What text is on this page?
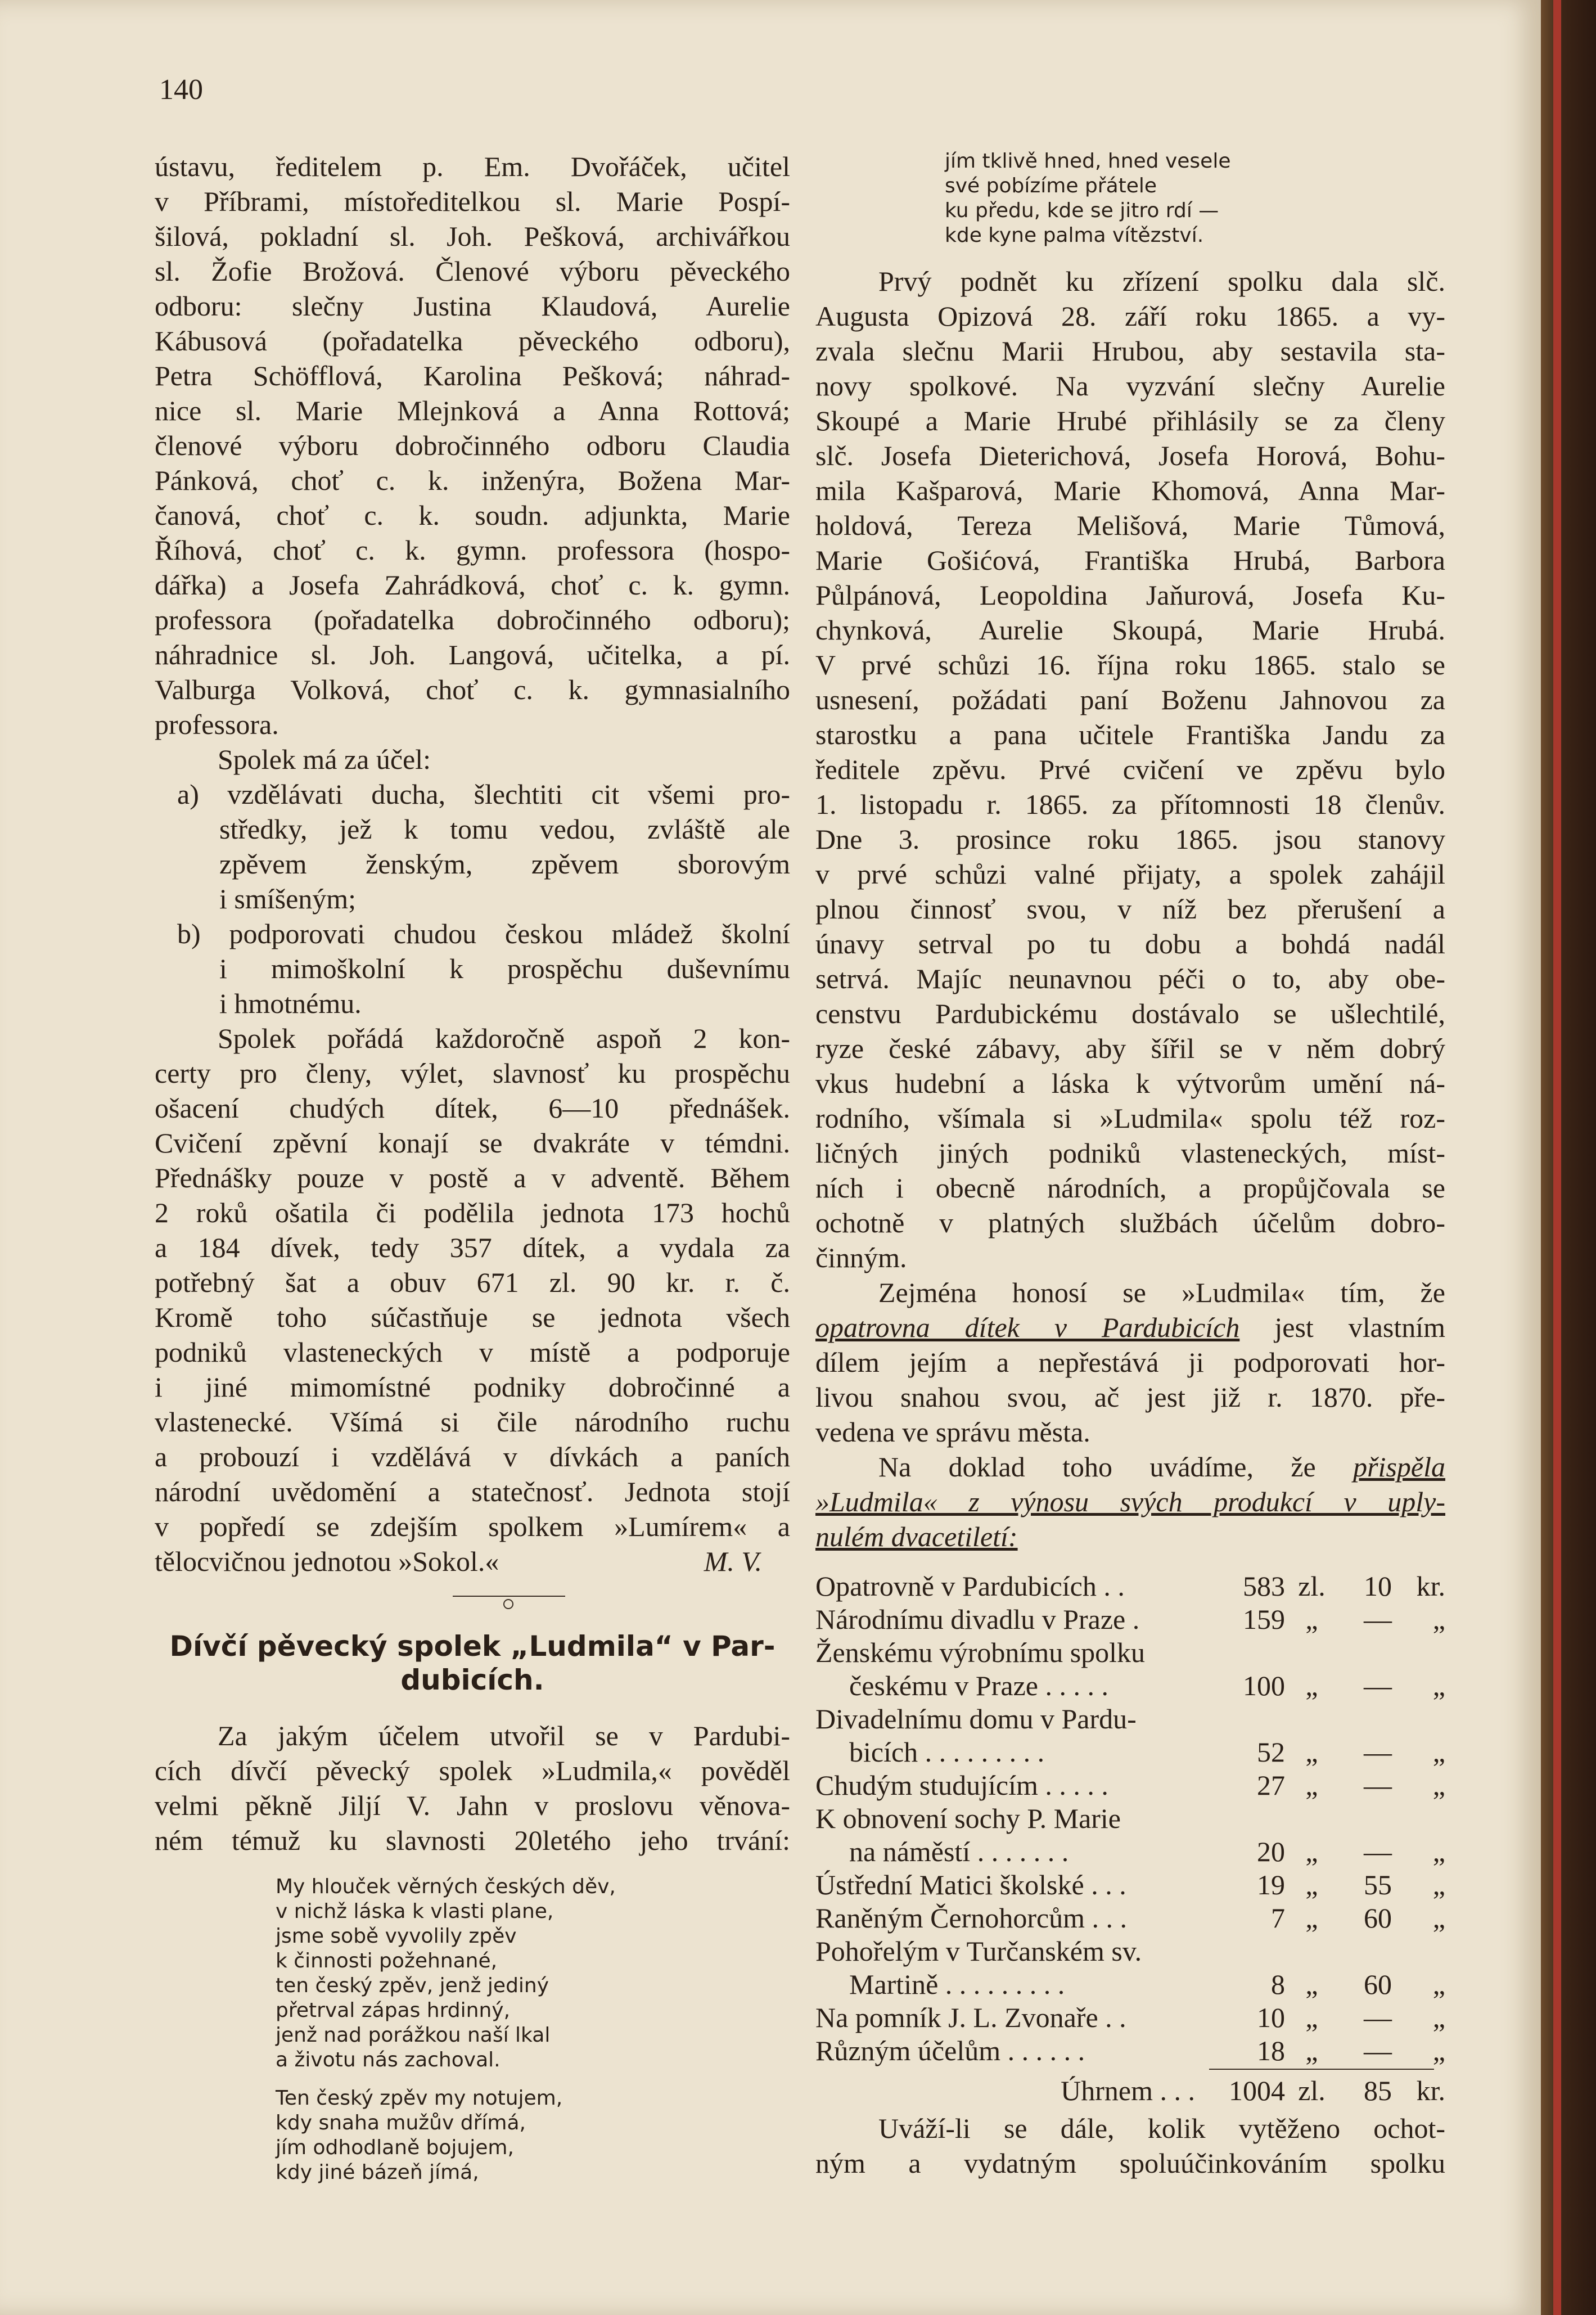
140
ústavu, ředitelem p. Em. Dvořáček, učitel
v Příbrami, místoředitelkou sl. Marie Pospí-
šilová, pokladní sl. Joh. Pešková, archivářkou
sl. Žofie Brožová. Členové výboru pěveckého
odboru: slečny Justina Klaudová, Aurelie
Kábusová (pořadatelka pěveckého odboru),
Petra Schöfflová, Karolina Pešková; náhrad-
nice sl. Marie Mlejnková a Anna Rottová;
členové výboru dobročinného odboru Claudia
Pánková, choť c. k. inženýra, Božena Mar-
čanová, choť c. k. soudn. adjunkta, Marie
Říhová, choť c. k. gymn. professora (hospo-
dářka) a Josefa Zahrádková, choť c. k. gymn.
professora (pořadatelka dobročinného odboru);
náhradnice sl. Joh. Langová, učitelka, a pí.
Valburga Volková, choť c. k. gymnasialního
professora.
Spolek má za účel:
a) vzdělávati ducha, šlechtiti cit všemi pro-
středky, jež k tomu vedou, zvláště ale
zpěvem ženským, zpěvem sborovým
i smíšeným;
b) podporovati chudou českou mládež školní
i mimoškolní k prospěchu duševnímu
i hmotnému.
Spolek pořádá každoročně aspoň 2 kon-
certy pro členy, výlet, slavnosť ku prospěchu
ošacení chudých dítek, 6—10 přednášek.
Cvičení zpěvní konají se dvakráte v témdni.
Přednášky pouze v postě a v adventě. Během
2 roků ošatila či podělila jednota 173 hochů
a 184 dívek, tedy 357 dítek, a vydala za
potřebný šat a obuv 671 zl. 90 kr. r. č.
Kromě toho súčastňuje se jednota všech
podniků vlasteneckých v místě a podporuje
i jiné mimomístné podniky dobročinné a
vlastenecké. Všímá si čile národního ruchu
a probouzí i vzdělává v dívkách a paních
národní uvědomění a statečnosť. Jednota stojí
v popředí se zdejším spolkem »Lumírem« a
tělocvičnou jednotou »Sokol.«	M. V.
Dívčí pěvecký spolek „Ludmila“ v Par-
dubicích.
Za jakým účelem utvořil se v Pardubi-
cích dívčí pěvecký spolek »Ludmila,« pověděl
velmi pěkně Jiljí V. Jahn v proslovu věnova-
ném témuž ku slavnosti 20letého jeho trvání:
My hlouček věrných českých děv,
v nichž láska k vlasti plane,
jsme sobě vyvolily zpěv
k činnosti požehnané,
ten český zpěv, jenž jediný
přetrval zápas hrdinný,
jenž nad porážkou naší lkal
a životu nás zachoval.
Ten český zpěv my notujem,
kdy snaha mužův dřímá,
jím odhodlaně bojujem,
kdy jiné bázeň jímá,
jím tklivě hned, hned vesele
své pobízíme přátele
ku předu, kde se jitro rdí —
kde kyne palma vítězství.
Prvý podnět ku zřízení spolku dala slč.
Augusta Opizová 28. září roku 1865. a vy-
zvala slečnu Marii Hrubou, aby sestavila sta-
novy spolkové. Na vyzvání slečny Aurelie
Skoupé a Marie Hrubé přihlásily se za členy
slč. Josefa Dieterichová, Josefa Horová, Bohu-
mila Kašparová, Marie Khomová, Anna Mar-
holdová, Tereza Melišová, Marie Tůmová,
Marie Gošićová, Františka Hrubá, Barbora
Půlpánová, Leopoldina Jaňurová, Josefa Ku-
chynková, Aurelie Skoupá, Marie Hrubá.
V prvé schůzi 16. října roku 1865. stalo se
usnesení, požádati paní Boženu Jahnovou za
starostku a pana učitele Františka Jandu za
ředitele zpěvu. Prvé cvičení ve zpěvu bylo
1. listopadu r. 1865. za přítomnosti 18 členův.
Dne 3. prosince roku 1865. jsou stanovy
v prvé schůzi valné přijaty, a spolek zahájil
plnou činnosť svou, v níž bez přerušení a
únavy setrval po tu dobu a bohdá nadál
setrvá. Majíc neunavnou péči o to, aby obe-
censtvu Pardubickému dostávalo se ušlechtilé,
ryze české zábavy, aby šířil se v něm dobrý
vkus hudební a láska k výtvorům umění ná-
rodního, všímala si »Ludmila« spolu též roz-
ličných jiných podniků vlasteneckých, míst-
ních i obecně národních, a propůjčovala se
ochotně v platných službách účelům dobro-
činným.
Zejména honosí se »Ludmila« tím, že
opatrovna dítek v Pardubicích jest vlastním
dílem jejím a nepřestává ji podporovati hor-
livou snahou svou, ač jest již r. 1870. pře-
vedena ve správu města.
Na doklad toho uvádíme, že přispěla
»Ludmila« z výnosu svých produkcí v uply-
nulém dvacetiletí:
Opatrovně v Pardubicích . .	583 zl.	10 kr.
Národnímu divadlu v Praze .	159 „	—	„
Ženskému výrobnímu spolku
českému v Praze . . . . .	100 „	—	„
Divadelnímu domu v Pardu-
bicích . . . . . . . . .	52 „	—	„
Chudým studujícím . . . . .	27 „	—	„
K obnovení sochy P. Marie
na náměstí . . . . . . .	20 „	—	„
Ústřední Matici školské . . .	19 „	55	„
Raněným Černohorcům . . .	7 „	60	„
Pohořelým v Turčanském sv.
Martině . . . . . . . . .	8 „	60	„
Na pomník J. L. Zvonaře . .	10 „	—	„
Různým účelům . . . . . .	18 „	—	„
Úhrnem . . .	1004 zl.	85 kr.
Uváží-li se dále, kolik vytěženo ochot-
ným a vydatným spoluúčinkováním spolku
